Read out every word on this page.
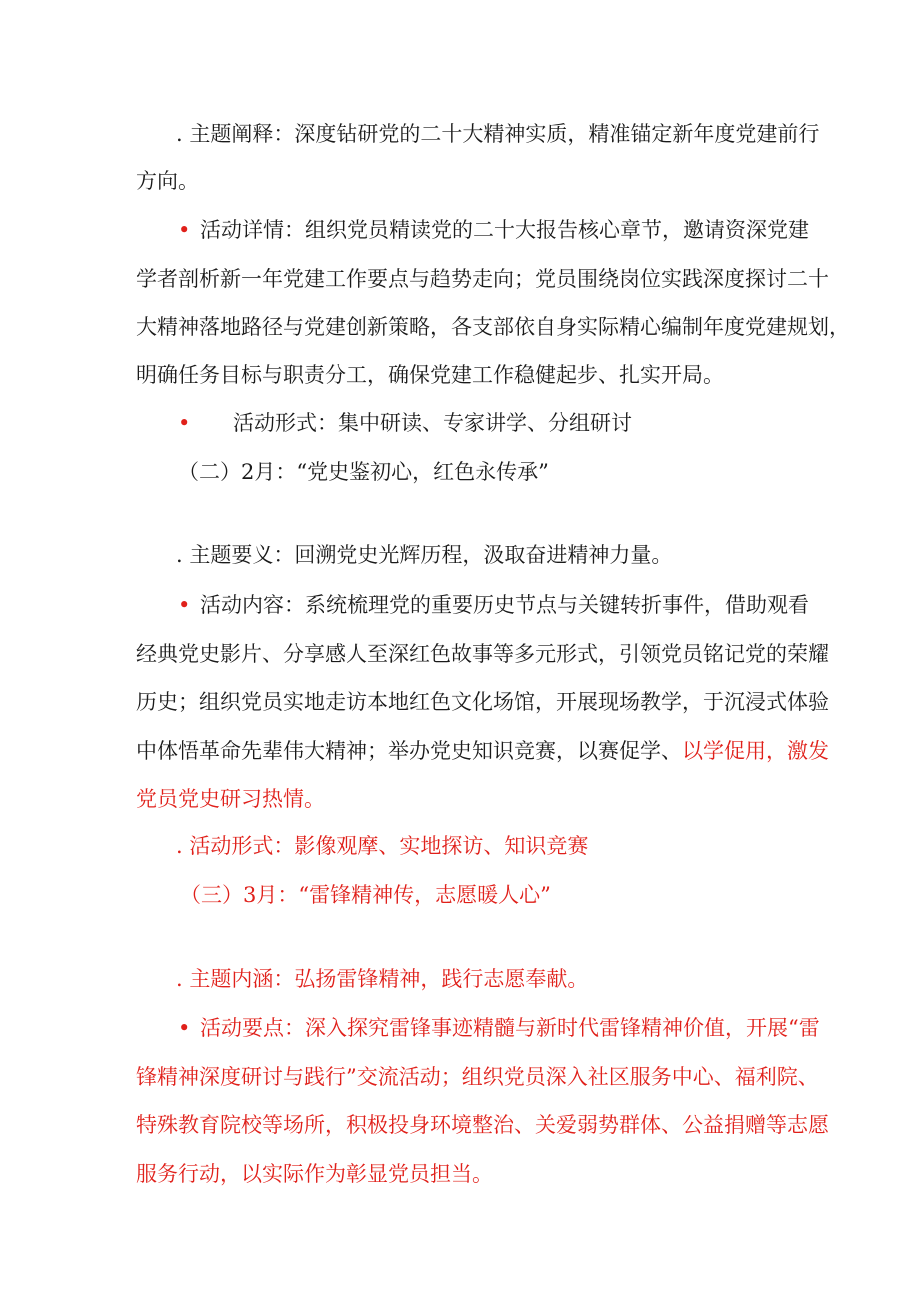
. 主题阐释：深度钻研党的二十大精神实质，精准锚定新年度党建前行
方向。
• 活动详情：组织党员精读党的二十大报告核心章节，邀请资深党建
学者剖析新一年党建工作要点与趋势走向；党员围绕岗位实践深度探讨二十
大精神落地路径与党建创新策略，各支部依自身实际精心编制年度党建规划，
明确任务目标与职责分工，确保党建工作稳健起步、扎实开局。
• 活动形式：集中研读、专家讲学、分组研讨
（二）2月：“党史鉴初心，红色永传承”
. 主题要义：回溯党史光辉历程，汲取奋进精神力量。
• 活动内容：系统梳理党的重要历史节点与关键转折事件，借助观看
经典党史影片、分享感人至深红色故事等多元形式，引领党员铭记党的荣耀
历史；组织党员实地走访本地红色文化场馆，开展现场教学，于沉浸式体验
中体悟革命先辈伟大精神；举办党史知识竞赛，以赛促学、以学促用，激发
党员党史研习热情。
. 活动形式：影像观摩、实地探访、知识竞赛
（三）3月：“雷锋精神传，志愿暖人心”
. 主题内涵：弘扬雷锋精神，践行志愿奉献。
• 活动要点：深入探究雷锋事迹精髓与新时代雷锋精神价值，开展“雷
锋精神深度研讨与践行”交流活动；组织党员深入社区服务中心、福利院、
特殊教育院校等场所，积极投身环境整治、关爱弱势群体、公益捐赠等志愿
服务行动，以实际作为彰显党员担当。
